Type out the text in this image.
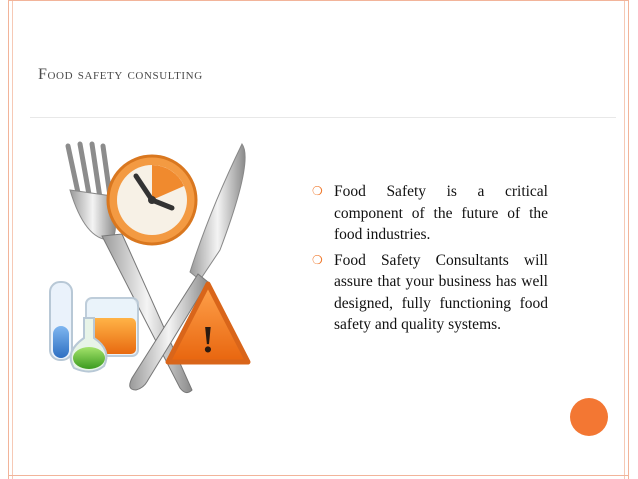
Food safety consulting
!
❍ Food Safety is a critical component of the future of the food industries.
❍ Food Safety Consultants will assure that your business has well designed, fully functioning food safety and quality systems.
